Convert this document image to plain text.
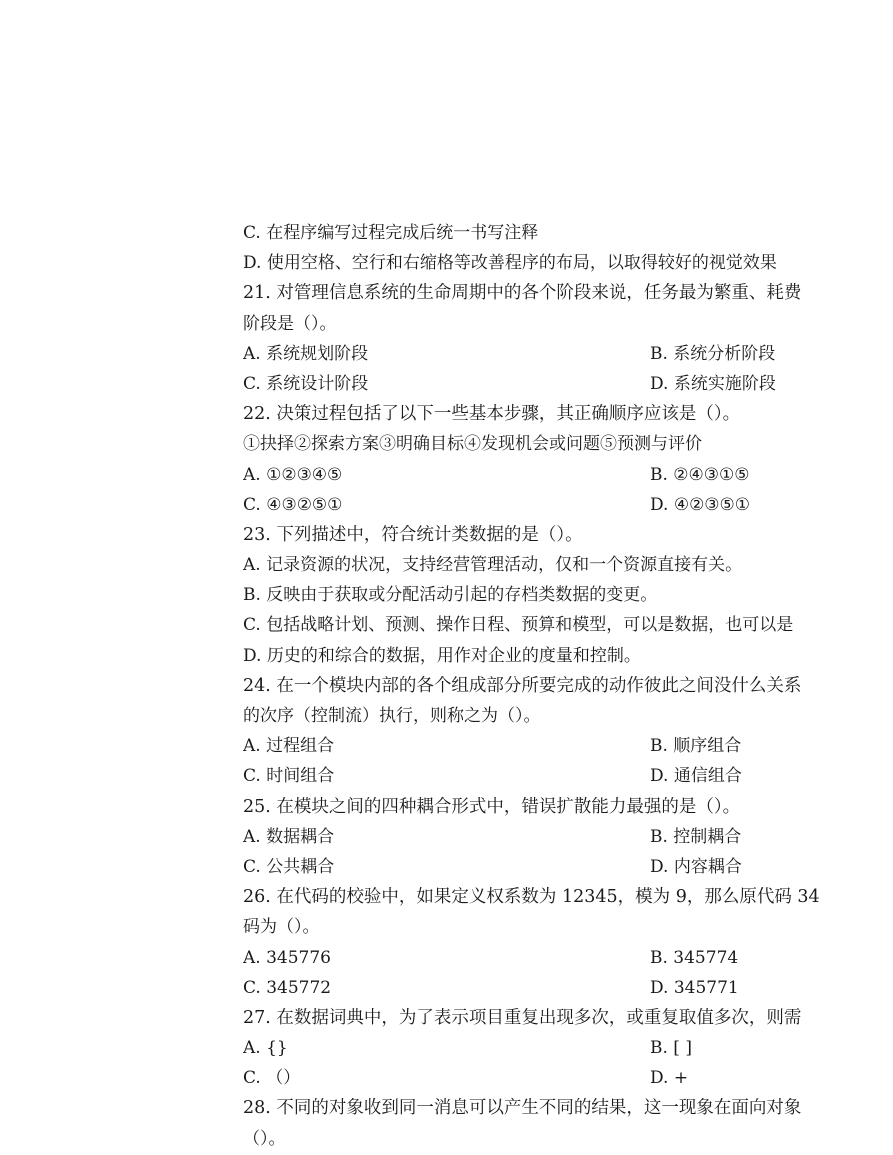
C. 在程序编写过程完成后统一书写注释
D. 使用空格、空行和右缩格等改善程序的布局，以取得较好的视觉效果
21. 对管理信息系统的生命周期中的各个阶段来说，任务最为繁重、耗费
阶段是（）。
A. 系统规划阶段	B. 系统分析阶段
C. 系统设计阶段	D. 系统实施阶段
22. 决策过程包括了以下一些基本步骤，其正确顺序应该是（）。
①抉择②探索方案③明确目标④发现机会或问题⑤预测与评价
A. ①②③④⑤	B. ②④③①⑤
C. ④③②⑤①	D. ④②③⑤①
23. 下列描述中，符合统计类数据的是（）。
A. 记录资源的状况，支持经营管理活动，仅和一个资源直接有关。
B. 反映由于获取或分配活动引起的存档类数据的变更。
C. 包括战略计划、预测、操作日程、预算和模型，可以是数据，也可以是
D. 历史的和综合的数据，用作对企业的度量和控制。
24. 在一个模块内部的各个组成部分所要完成的动作彼此之间没什么关系
的次序（控制流）执行，则称之为（）。
A. 过程组合	B. 顺序组合
C. 时间组合	D. 通信组合
25. 在模块之间的四种耦合形式中，错误扩散能力最强的是（）。
A. 数据耦合	B. 控制耦合
C. 公共耦合	D. 内容耦合
26. 在代码的校验中，如果定义权系数为 12345，模为 9，那么原代码 34
码为（）。
A. 345776	B. 345774
C. 345772	D. 345771
27. 在数据词典中，为了表示项目重复出现多次，或重复取值多次，则需
A. {}	B. [ ]
C. （）	D. +
28. 不同的对象收到同一消息可以产生不同的结果，这一现象在面向对象
（）。
